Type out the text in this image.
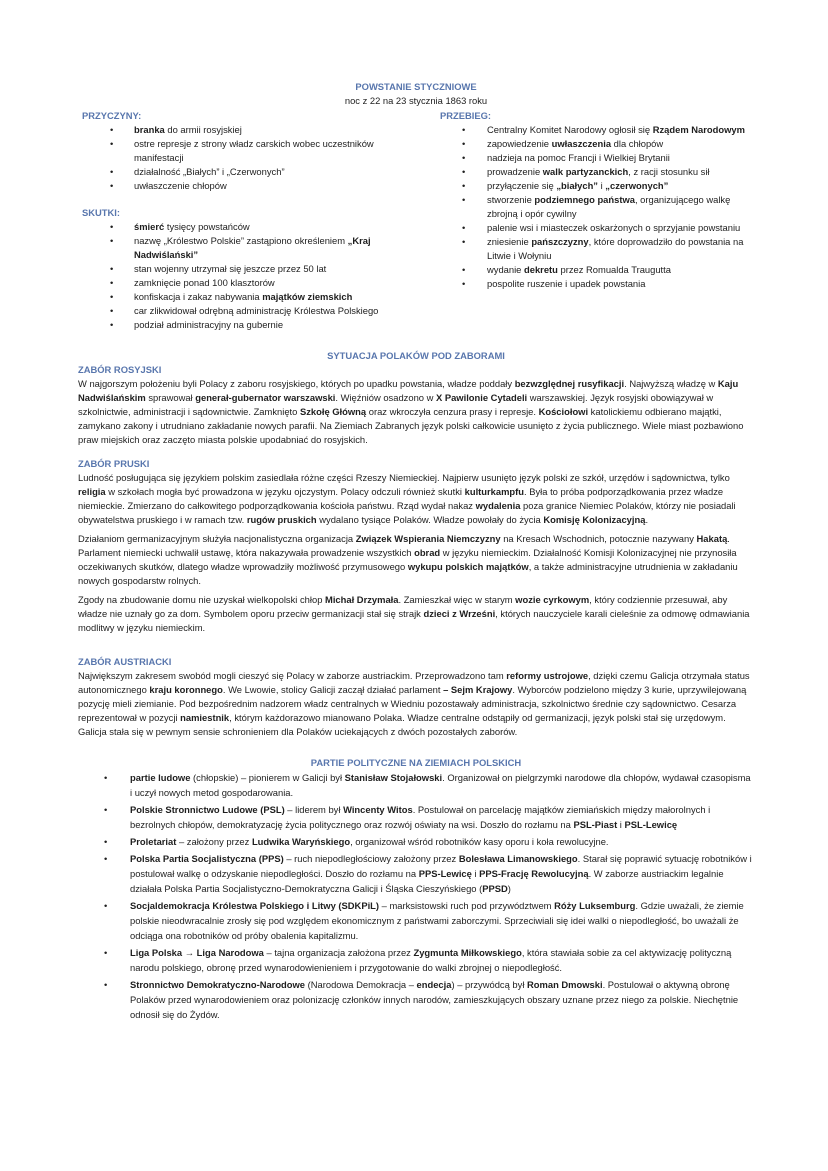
POWSTANIE STYCZNIOWE
noc z 22 na 23 stycznia 1863 roku
PRZYCZYNY:
• branka do armii rosyjskiej
• ostre represje z strony władz carskich wobec uczestników manifestacji
• działalność „Białych” i „Czerwonych”
• uwłaszczenie chłopów
SKUTKI:
• śmierć tysięcy powstańców
• nazwę „Królestwo Polskie” zastąpiono określeniem „Kraj Nadwiślański”
• stan wojenny utrzymał się jeszcze przez 50 lat
• zamknięcie ponad 100 klasztorów
• konfiskacja i zakaz nabywania majątków ziemskich
• car zlikwidował odrębną administrację Królestwa Polskiego
• podział administracyjny na gubernie
PRZEBIEG:
• Centralny Komitet Narodowy ogłosił się Rządem Narodowym
• zapowiedzenie uwłaszczenia dla chłopów
• nadzieja na pomoc Francji i Wielkiej Brytanii
• prowadzenie walk partyzanckich, z racji stosunku sił
• przyłączenie się „białych” i „czerwonych”
• stworzenie podziemnego państwa, organizującego walkę zbrojną i opór cywilny
• palenie wsi i miasteczek oskarżonych o sprzyjanie powstaniu
• zniesienie pańszczyzny, które doprowadziło do powstania na Litwie i Wołyniu
• wydanie dekretu przez Romualda Traugutta
• pospolite ruszenie i upadek powstania
SYTUACJA POLAKÓW POD ZABORAMI
ZABÓR ROSYJSKI

W najgorszym położeniu byli Polacy z zaboru rosyjskiego, których po upadku powstania, władze poddały bezwzględnej rusyfikacji. Najwyższą władzę w Kaju Nadwiślańskim sprawował generał-gubernator warszawski. Więźniów osadzono w X Pawilonie Cytadeli warszawskiej. Język rosyjski obowiązywał w szkolnictwie, administracji i sądownictwie. Zamknięto Szkołę Główną oraz wkroczyła cenzura prasy i represje. Kościołowi katolickiemu odbierano majątki, zamykano zakony i utrudniano zakładanie nowych parafii. Na Ziemiach Zabranych język polski całkowicie usunięto z życia publicznego. Wiele miast pozbawiono praw miejskich oraz zaczęto miasta polskie upodabniać do rosyjskich.

ZABÓR PRUSKI

Ludność posługująca się językiem polskim zasiedlała różne części Rzeszy Niemieckiej. Najpierw usunięto język polski ze szkół, urzędów i sądownictwa, tylko religia w szkołach mogła być prowadzona w języku ojczystym. Polacy odczuli również skutki kulturkampfu. Była to próba podporządkowania przez władze niemieckie. Zmierzano do całkowitego podporządkowania kościoła państwu. Rząd wydał nakaz wydalenia poza granice Niemiec Polaków, którzy nie posiadali obywatelstwa pruskiego i w ramach tzw. rugów pruskich wydalano tysiące Polaków. Władze powołały do życia Komisję Kolonizacyjną.

Działaniom germanizacyjnym służyła nacjonalistyczna organizacja Związek Wspierania Niemczyzny na Kresach Wschodnich, potocznie nazywany Hakatą. Parlament niemiecki uchwalił ustawę, która nakazywała prowadzenie wszystkich obrad w języku niemieckim. Działalność Komisji Kolonizacyjnej nie przynosiła oczekiwanych skutków, dlatego władze wprowadziły możliwość przymusowego wykupu polskich majątków, a także administracyjne utrudnienia w zakładaniu nowych gospodarstw rolnych.

Zgody na zbudowanie domu nie uzyskał wielkopolski chłop Michał Drzymała. Zamieszkał więc w starym wozie cyrkowym, który codziennie przesuwał, aby władze nie uznały go za dom. Symbolem oporu przeciw germanizacji stał się strajk dzieci z Wrześni, których nauczyciele karali cieleśnie za odmowę odmawiania modlitwy w języku niemieckim.

ZABÓR AUSTRIACKI

Największym zakresem swobód mogli cieszyć się Polacy w zaborze austriackim. Przeprowadzono tam reformy ustrojowe, dzięki czemu Galicja otrzymała status autonomicznego kraju koronnego. We Lwowie, stolicy Galicji zaczął działać parlament – Sejm Krajowy. Wyborców podzielono między 3 kurie, uprzywilejowaną pozycję mieli ziemianie. Pod bezpośrednim nadzorem władz centralnych w Wiedniu pozostawały administracja, szkolnictwo średnie czy sądownictwo. Cesarza reprezentował w pozycji namiestnik, którym każdorazowo mianowano Polaka. Władze centralne odstąpiły od germanizacji, język polski stał się urzędowym. Galicja stała się w pewnym sensie schronieniem dla Polaków uciekających z dwóch pozostałych zaborów.

PARTIE POLITYCZNE NA ZIEMIACH POLSKICH
• partie ludowe (chłopskie) – pionierem w Galicji był Stanisław Stojałowski. Organizował on pielgrzymki narodowe dla chłopów, wydawał czasopisma i uczył nowych metod gospodarowania.
• Polskie Stronnictwo Ludowe (PSL) – liderem był Wincenty Witos. Postulował on parcelację majątków ziemiańskich między małorolnych i bezrolnych chłopów, demokratyzację życia politycznego oraz rozwój oświaty na wsi. Doszło do rozłamu na PSL-Piast i PSL-Lewicę
• Proletariat – założony przez Ludwika Waryńskiego, organizował wśród robotników kasy oporu i koła rewolucyjne.
• Polska Partia Socjalistyczna (PPS) – ruch niepodległościowy założony przez Bolesława Limanowskiego. Starał się poprawić sytuację robotników i postulował walkę o odzyskanie niepodległości. Doszło do rozłamu na PPS-Lewicę i PPS-Frację Rewolucyjną. W zaborze austriackim legalnie działała Polska Partia Socjalistyczno-Demokratyczna Galicji i Śląska Cieszyńskiego (PPSD)
• Socjaldemokracja Królestwa Polskiego i Litwy (SDKPiL) – marksistowski ruch pod przywództwem Róży Luksemburg. Gdzie uważali, że ziemie polskie nieodwracalnie zrosły się pod względem ekonomicznym z państwami zaborczymi. Sprzeciwiali się idei walki o niepodległość, bo uważali że odciąga ona robotników od próby obalenia kapitalizmu.
• Liga Polska → Liga Narodowa – tajna organizacja założona przez Zygmunta Miłkowskiego, która stawiała sobie za cel aktywizację polityczną narodu polskiego, obronę przed wynarodowienieniem i przygotowanie do walki zbrojnej o niepodległość.
• Stronnictwo Demokratyczno-Narodowe (Narodowa Demokracja – endecja) – przywódcą był Roman Dmowski. Postulował o aktywną obronę Polaków przed wynarodowieniem oraz polonizację członków innych narodów, zamieszkujących obszary uznane przez niego za polskie. Niechętnie odnosił się do Żydów.
